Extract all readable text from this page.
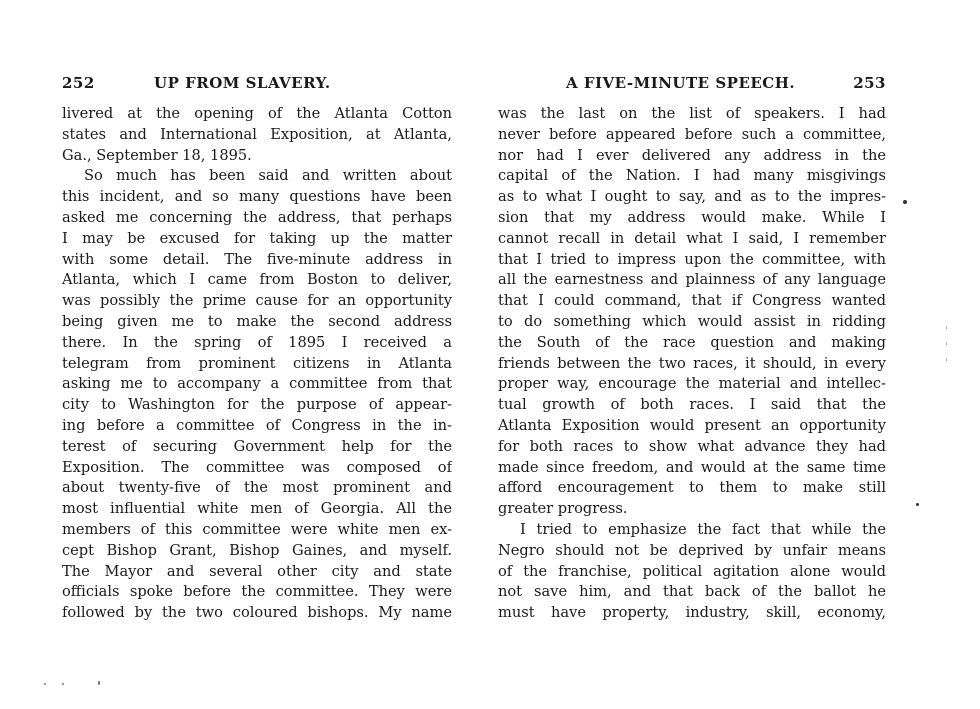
252	UP FROM SLAVERY.
livered at the opening of the Atlanta Cotton
states and International Exposition, at Atlanta,
Ga., September 18, 1895.
So much has been said and written about
this incident, and so many questions have been
asked me concerning the address, that perhaps
I may be excused for taking up the matter
with some detail. The five-minute address in
Atlanta, which I came from Boston to deliver,
was possibly the prime cause for an opportunity
being given me to make the second address
there. In the spring of 1895 I received a
telegram from prominent citizens in Atlanta
asking me to accompany a committee from that
city to Washington for the purpose of appear-
ing before a committee of Congress in the in-
terest of securing Government help for the
Exposition. The committee was composed of
about twenty-five of the most prominent and
most influential white men of Georgia. All the
members of this committee were white men ex-
cept Bishop Grant, Bishop Gaines, and myself.
The Mayor and several other city and state
officials spoke before the committee. They were
followed by the two coloured bishops. My name
A FIVE-MINUTE SPEECH.	253
was the last on the list of speakers. I had
never before appeared before such a committee,
nor had I ever delivered any address in the
capital of the Nation. I had many misgivings
as to what I ought to say, and as to the impres-
sion that my address would make. While I
cannot recall in detail what I said, I remember
that I tried to impress upon the committee, with
all the earnestness and plainness of any language
that I could command, that if Congress wanted
to do something which would assist in ridding
the South of the race question and making
friends between the two races, it should, in every
proper way, encourage the material and intellec-
tual growth of both races. I said that the
Atlanta Exposition would present an opportunity
for both races to show what advance they had
made since freedom, and would at the same time
afford encouragement to them to make still
greater progress.
I tried to emphasize the fact that while the
Negro should not be deprived by unfair means
of the franchise, political agitation alone would
not save him, and that back of the ballot he
must have property, industry, skill, economy,
